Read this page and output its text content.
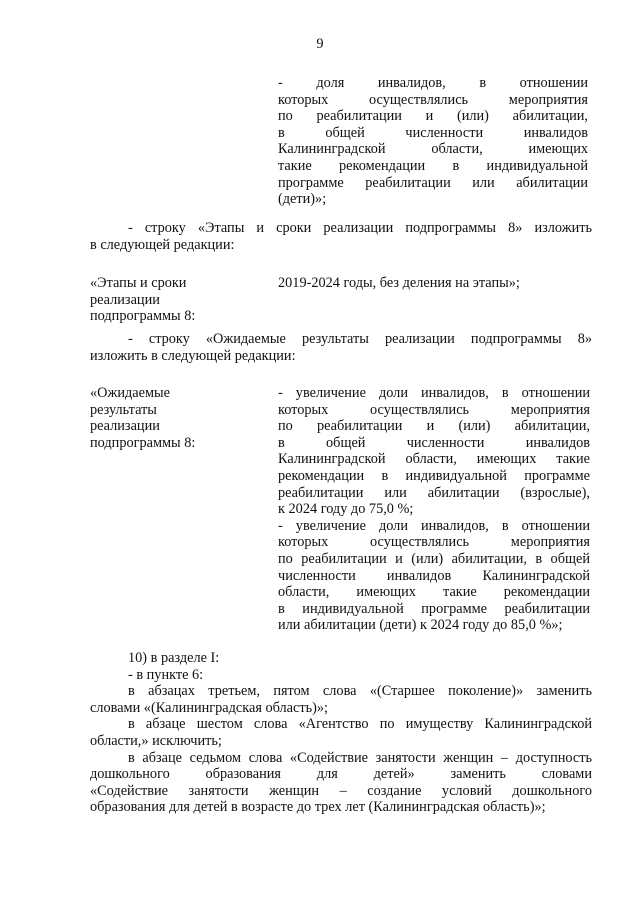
9

- доля инвалидов, в отношении

которых осуществлялись мероприятия

по реабилитации и (или) абилитации,

в общей численности инвалидов

Калининградской области, имеющих

такие рекомендации в индивидуальной

программе реабилитации или абилитации

(дети)»;

- строку «Этапы и сроки реализации подпрограммы 8» изложить

в следующей редакции:

«Этапы и сроки

реализации

подпрограммы 8:

2019-2024 годы, без деления на этапы»;

- строку «Ожидаемые результаты реализации подпрограммы 8»

изложить в следующей редакции:

«Ожидаемые

результаты

реализации

подпрограммы 8:

- увеличение доли инвалидов, в отношении

которых осуществлялись мероприятия

по реабилитации и (или) абилитации,

в общей численности инвалидов

Калининградской области, имеющих такие

рекомендации в индивидуальной программе

реабилитации или абилитации (взрослые),

к 2024 году до 75,0 %;

- увеличение доли инвалидов, в отношении

которых осуществлялись мероприятия

по реабилитации и (или) абилитации, в общей

численности инвалидов Калининградской

области, имеющих такие рекомендации

в индивидуальной программе реабилитации

или абилитации (дети) к 2024 году до 85,0 %»;

10) в разделе I:

- в пункте 6:

в абзацах третьем, пятом слова «(Старшее поколение)» заменить

словами «(Калининградская область)»;

в абзаце шестом слова «Агентство по имуществу Калининградской

области,» исключить;

в абзаце седьмом слова «Содействие занятости женщин – доступность

дошкольного образования для детей» заменить словами

«Содействие занятости женщин – создание условий дошкольного

образования для детей в возрасте до трех лет (Калининградская область)»;
